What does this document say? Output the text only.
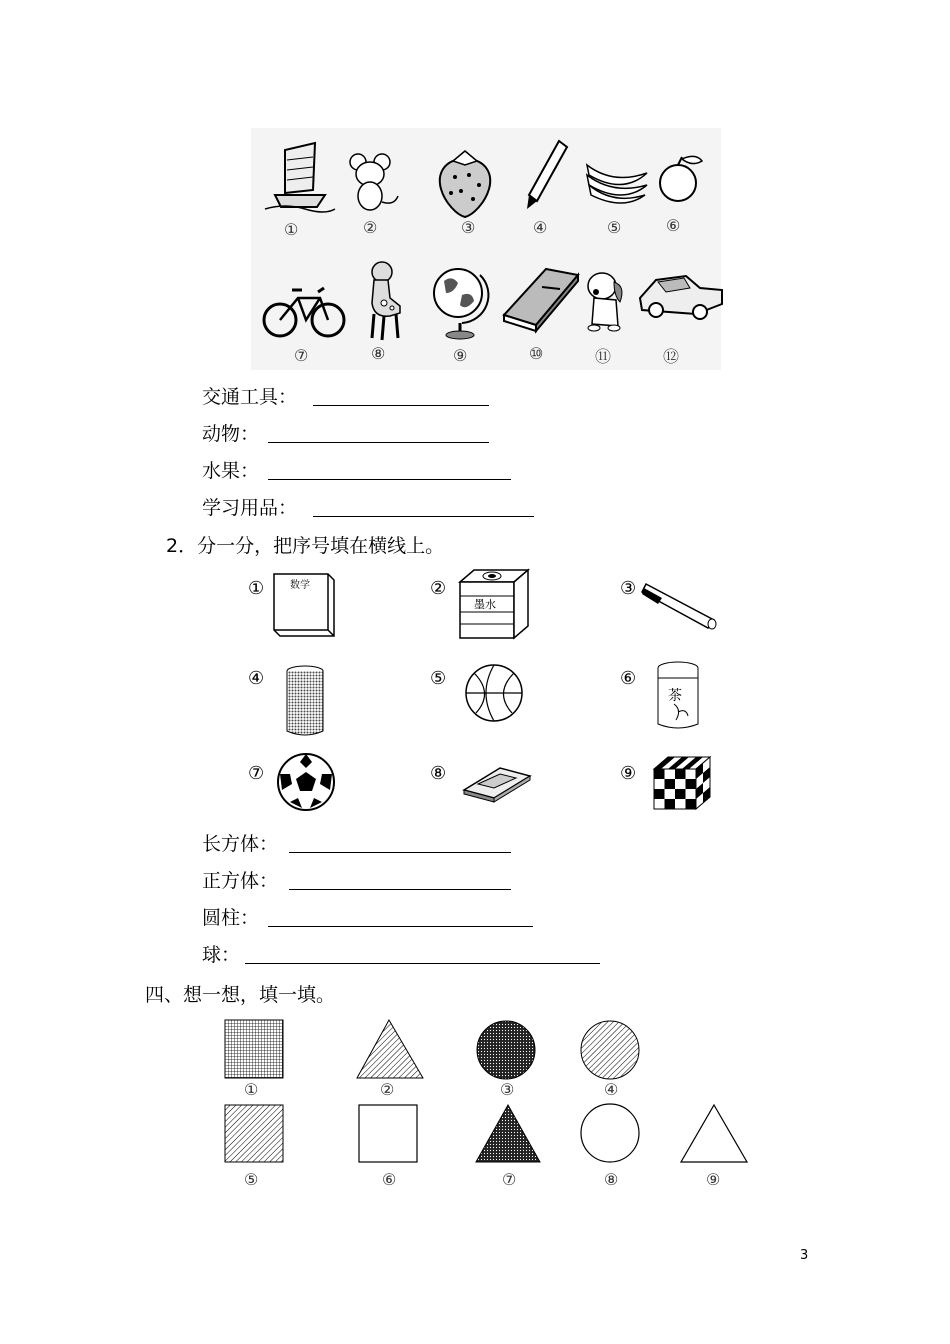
①	②	③	④	⑤	⑥
⑦	⑧	⑨	⑩	⑪	⑫
交通工具：
动物：
水果：
学习用品：
2．分一分，把序号填在横线上。
①	②	③
④	⑤	⑥
⑦	⑧	⑨
数学
墨水
茶
长方体：
正方体：
圆柱：
球：
四、想一想，填一填。
①	②	③	④
⑤	⑥	⑦	⑧	⑨
3
